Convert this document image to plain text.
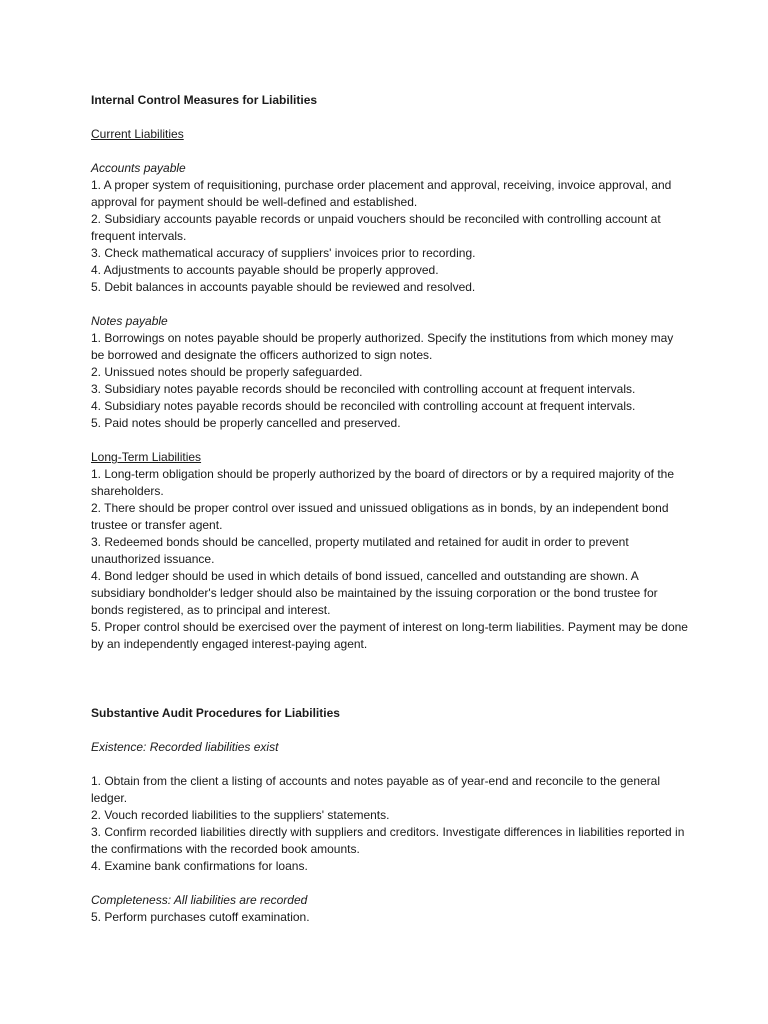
Internal Control Measures for Liabilities

Current Liabilities

Accounts payable

1. A proper system of requisitioning, purchase order placement and approval, receiving, invoice approval, and approval for payment should be well-defined and established.
2. Subsidiary accounts payable records or unpaid vouchers should be reconciled with controlling account at frequent intervals.
3. Check mathematical accuracy of suppliers' invoices prior to recording.
4. Adjustments to accounts payable should be properly approved.
5. Debit balances in accounts payable should be reviewed and resolved.

Notes payable

1. Borrowings on notes payable should be properly authorized. Specify the institutions from which money may be borrowed and designate the officers authorized to sign notes.
2. Unissued notes should be properly safeguarded.
3. Subsidiary notes payable records should be reconciled with controlling account at frequent intervals.
4. Subsidiary notes payable records should be reconciled with controlling account at frequent intervals.
5. Paid notes should be properly cancelled and preserved.

Long-Term Liabilities

1. Long-term obligation should be properly authorized by the board of directors or by a required majority of the shareholders.
2. There should be proper control over issued and unissued obligations as in bonds, by an independent bond trustee or transfer agent.
3. Redeemed bonds should be cancelled, property mutilated and retained for audit in order to prevent unauthorized issuance.
4. Bond ledger should be used in which details of bond issued, cancelled and outstanding are shown. A subsidiary bondholder's ledger should also be maintained by the issuing corporation or the bond trustee for bonds registered, as to principal and interest.
5. Proper control should be exercised over the payment of interest on long-term liabilities. Payment may be done by an independently engaged interest-paying agent.

Substantive Audit Procedures for Liabilities

Existence: Recorded liabilities exist

1. Obtain from the client a listing of accounts and notes payable as of year-end and reconcile to the general ledger.
2. Vouch recorded liabilities to the suppliers' statements.
3. Confirm recorded liabilities directly with suppliers and creditors. Investigate differences in liabilities reported in the confirmations with the recorded book amounts.
4. Examine bank confirmations for loans.

Completeness: All liabilities are recorded

5. Perform purchases cutoff examination.
